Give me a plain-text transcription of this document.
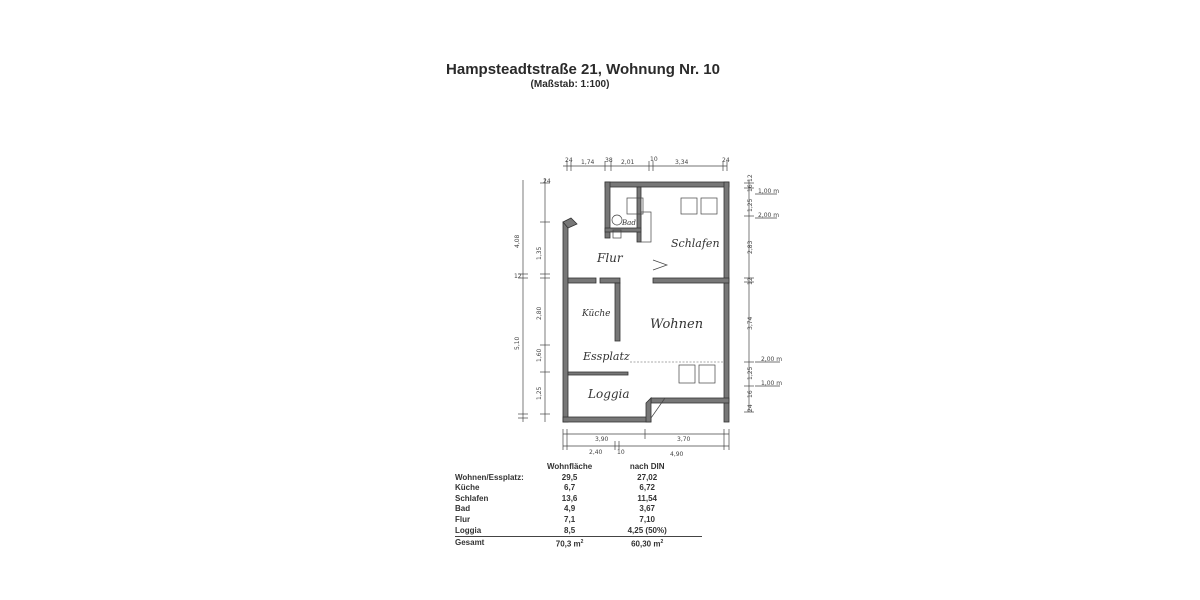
Hampsteadtstraße 21, Wohnung Nr. 10
(Maßstab: 1:100)
24 1,74 38 2,01	10	3,34	24
24
4,08
1,35
12
2,80
5,10
1,60
1,25
16
12
1,25
2,83
12
3,74
1,25
16
24
1,00 m
2,00 m
2,00 m
1,00 m
Schlafen
Bad
Flur
Küche
Wohnen
Essplatz
Loggia
3,90	3,70
2,40 10	4,90
	Wohnfläche	nach DIN
Wohnen/Essplatz:	29,5	27,02
Küche	6,7	6,72
Schlafen	13,6	11,54
Bad	4,9	3,67
Flur	7,1	7,10
Loggia	8,5	4,25 (50%)
Gesamt	70,3 $m^2$	60,30 $m^2$
